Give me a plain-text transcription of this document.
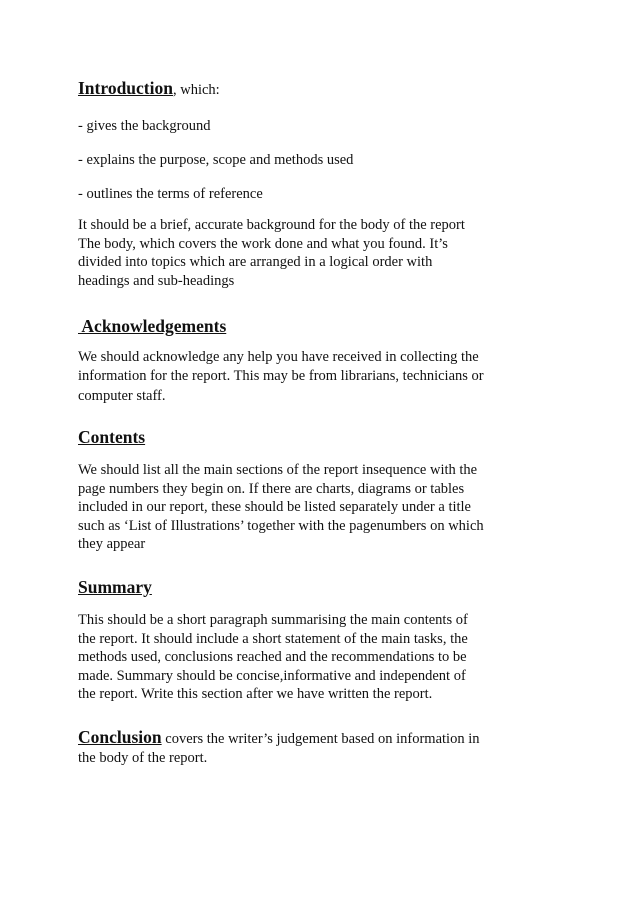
Introduction, which:
- gives the background
- explains the purpose, scope and methods used
- outlines the terms of reference
It should be a brief, accurate background for the body of the report
The body, which covers the work done and what you found. It’s
divided into topics which are arranged in a logical order with
headings and sub-headings
Acknowledgements
We should acknowledge any help you have received in collecting the
information for the report. This may be from librarians, technicians or
computer staff.
Contents
We should list all the main sections of the report insequence with the
page numbers they begin on. If there are charts, diagrams or tables
included in our report, these should be listed separately under a title
such as ‘List of Illustrations’ together with the pagenumbers on which
they appear
Summary
This should be a short paragraph summarising the main contents of
the report. It should include a short statement of the main tasks, the
methods used, conclusions reached and the recommendations to be
made. Summary should be concise,informative and independent of
the report. Write this section after we have written the report.
Conclusion covers the writer’s judgement based on information in
the body of the report.
